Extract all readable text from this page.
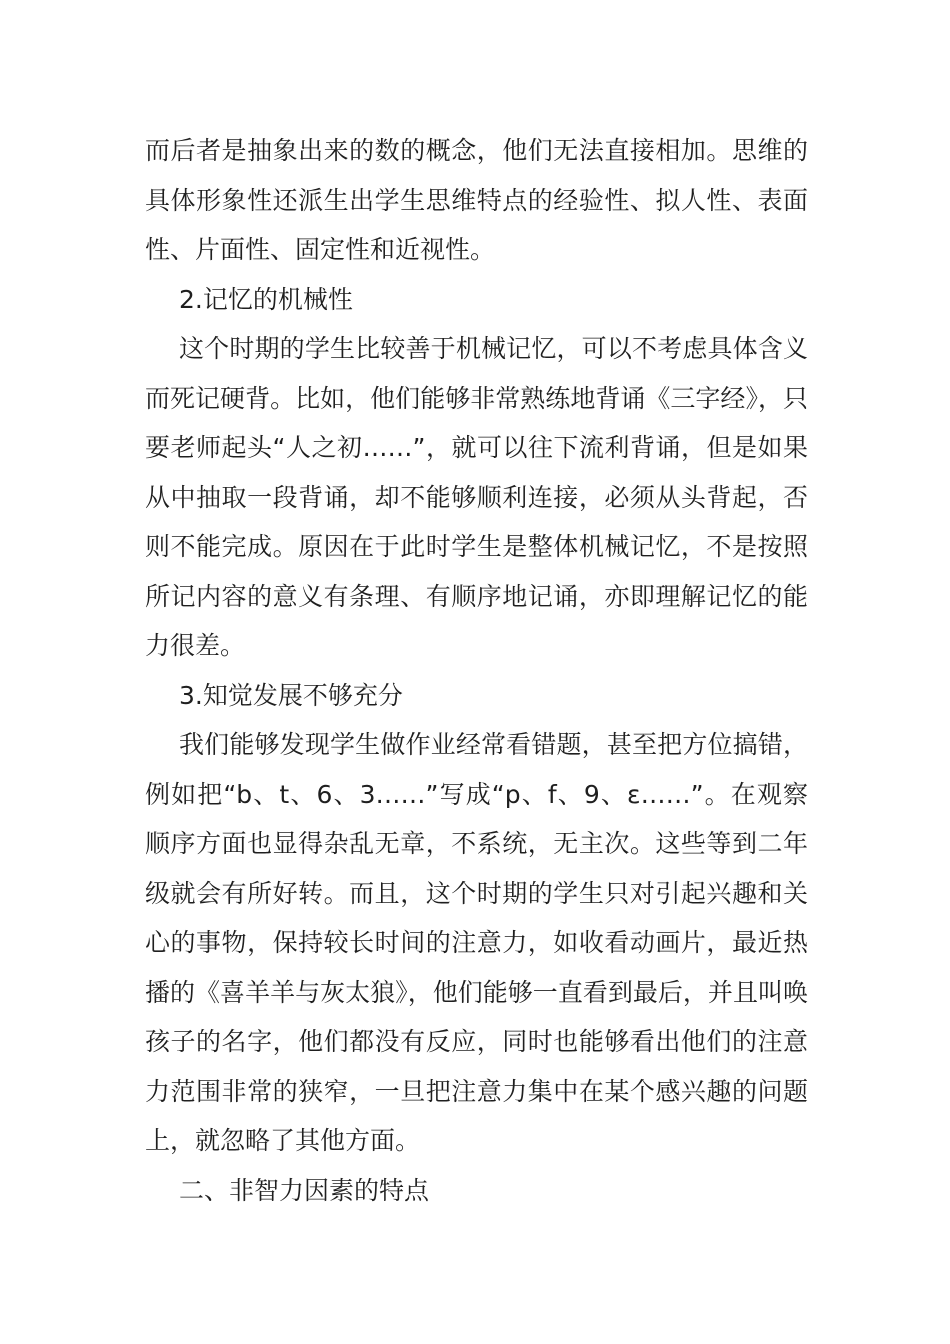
而后者是抽象出来的数的概念，他们无法直接相加。思维的具体形象性还派生出学生思维特点的经验性、拟人性、表面性、片面性、固定性和近视性。

2.记忆的机械性

这个时期的学生比较善于机械记忆，可以不考虑具体含义而死记硬背。比如，他们能够非常熟练地背诵《三字经》，只要老师起头“人之初……”，就可以往下流利背诵，但是如果从中抽取一段背诵，却不能够顺利连接，必须从头背起，否则不能完成。原因在于此时学生是整体机械记忆，不是按照所记内容的意义有条理、有顺序地记诵，亦即理解记忆的能力很差。

3.知觉发展不够充分

我们能够发现学生做作业经常看错题，甚至把方位搞错，例如把“b、t、6、3……”写成“p、f、9、ε……”。在观察顺序方面也显得杂乱无章，不系统，无主次。这些等到二年级就会有所好转。而且，这个时期的学生只对引起兴趣和关心的事物，保持较长时间的注意力，如收看动画片，最近热播的《喜羊羊与灰太狼》，他们能够一直看到最后，并且叫唤孩子的名字，他们都没有反应，同时也能够看出他们的注意力范围非常的狭窄，一旦把注意力集中在某个感兴趣的问题上，就忽略了其他方面。

二、非智力因素的特点
